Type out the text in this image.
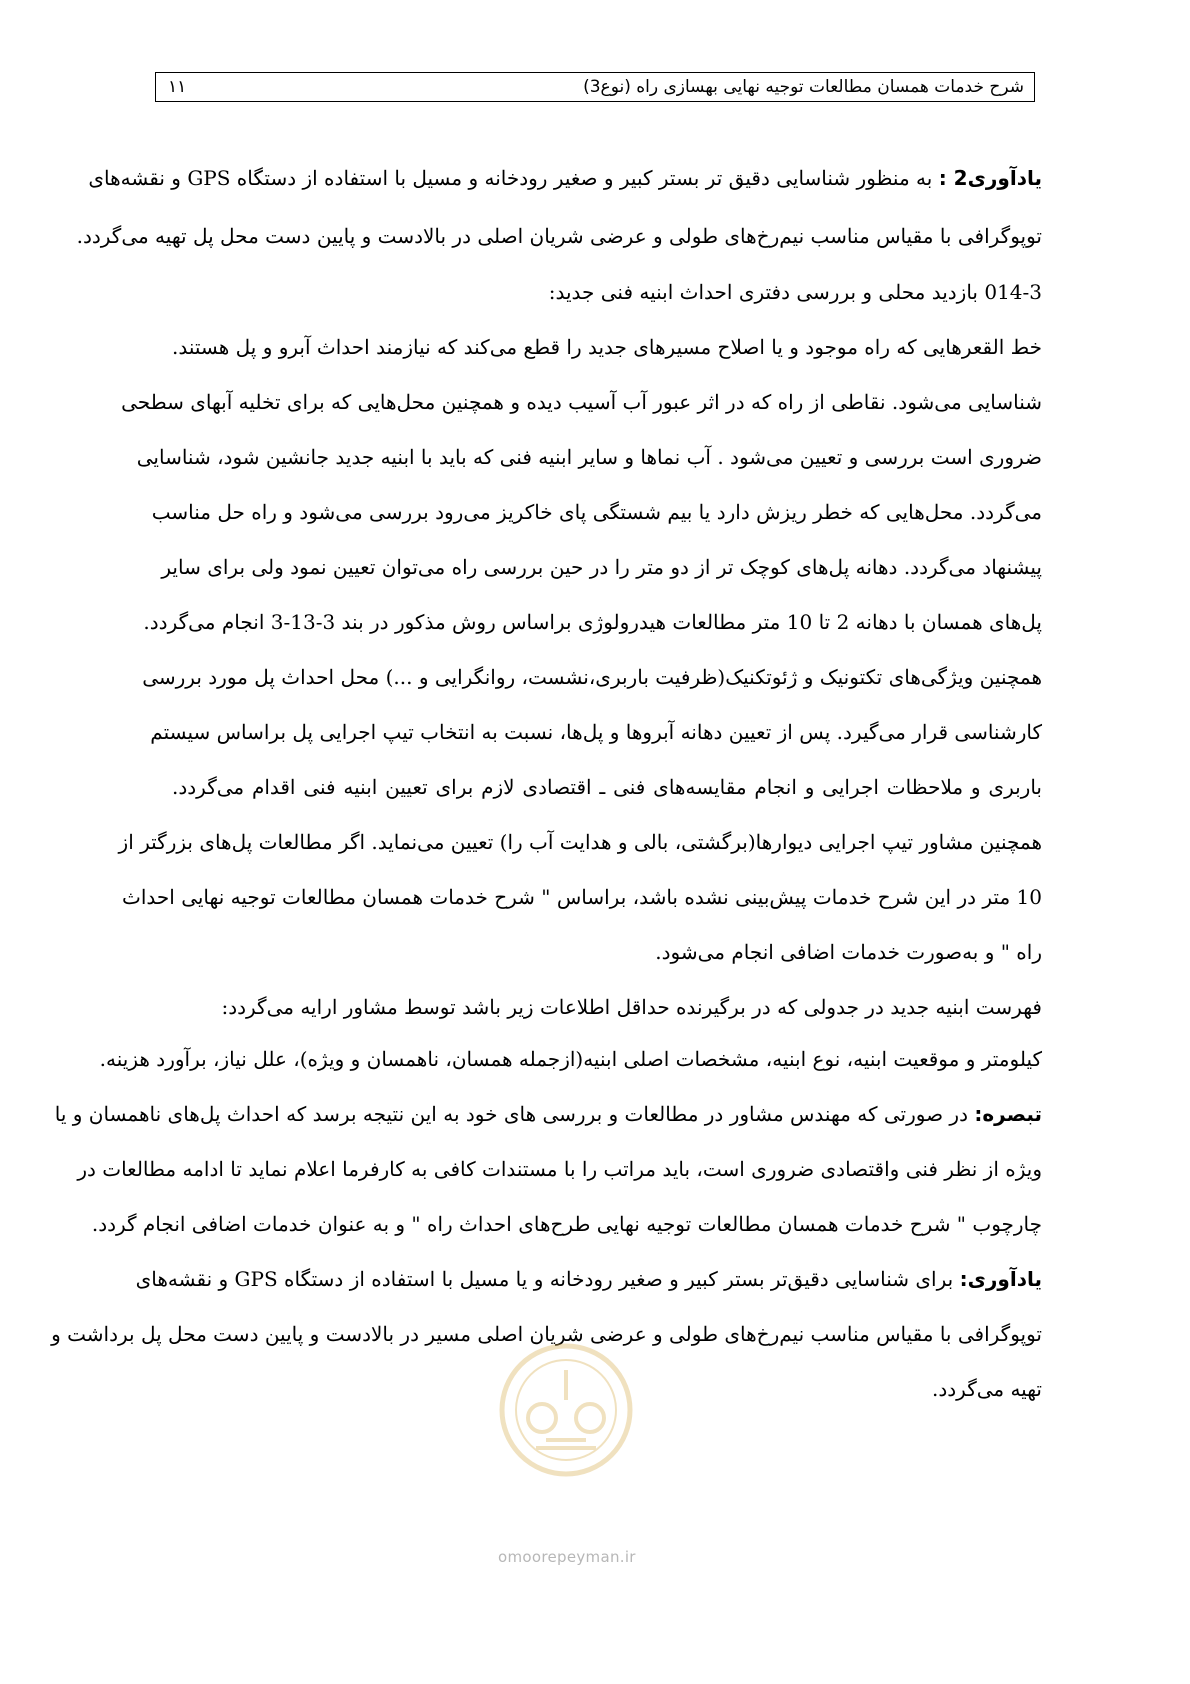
شرح خدمات همسان مطالعات توجیه نهایی بهسازی راه (نوع3)
۱۱
یادآوری2 : به منظور شناسایی دقیق تر بستر کبیر و صغیر رودخانه و مسیل با استفاده از دستگاه GPS و نقشه‌های
توپوگرافی با مقیاس مناسب نیم‌رخ‌های طولی و عرضی شریان اصلی در بالادست و پایین دست محل پل تهیه می‌گردد.
014-3 بازدید محلی و بررسی دفتری احداث ابنیه فنی جدید:
خط القعرهایی که راه موجود و یا اصلاح مسیرهای جدید را قطع می‌کند که نیازمند احداث آبرو و پل هستند.
شناسایی می‌شود. نقاطی از راه که در اثر عبور آب آسیب دیده و همچنین محل‌هایی که برای تخلیه آبهای سطحی
ضروری است بررسی و تعیین می‌شود . آب نماها و سایر ابنیه فنی که باید با ابنیه جدید جانشین شود، شناسایی
می‌گردد. محل‌هایی که خطر ریزش دارد یا بیم شستگی پای خاکریز می‌رود بررسی می‌شود و راه حل مناسب
پیشنهاد می‌گردد. دهانه پل‌های کوچک تر از دو متر را در حین بررسی راه می‌توان تعیین نمود ولی برای سایر
پل‌های همسان با دهانه 2 تا 10 متر مطالعات هیدرولوژی براساس روش مذکور در بند 3-13-3 انجام می‌گردد.
همچنین ویژگی‌های تکتونیک و ژئوتکنیک(ظرفیت باربری،نشست، روانگرایی و ...) محل احداث پل مورد بررسی
کارشناسی قرار می‌گیرد. پس از تعیین دهانه آبروها و پل‌ها، نسبت به انتخاب تیپ اجرایی پل براساس سیستم
باربری و ملاحظات اجرایی و انجام مقایسه‌های فنی ـ اقتصادی لازم برای تعیین ابنیه فنی اقدام می‌گردد.
همچنین مشاور تیپ اجرایی دیوارها(برگشتی، بالی و هدایت آب را) تعیین می‌نماید. اگر مطالعات پل‌های بزرگتر از
10 متر در این شرح خدمات پیش‌بینی نشده باشد، براساس " شرح خدمات همسان مطالعات توجیه نهایی احداث
راه " و به‌صورت خدمات اضافی انجام می‌شود.
فهرست ابنیه جدید در جدولی که در برگیرنده حداقل اطلاعات زیر باشد توسط مشاور ارایه می‌گردد:
کیلومتر و موقعیت ابنیه، نوع ابنیه، مشخصات اصلی ابنیه(ازجمله همسان، ناهمسان و ویژه)، علل نیاز، برآورد هزینه.
تبصره: در صورتی که مهندس مشاور در مطالعات و بررسی های خود به این نتیجه برسد که احداث پل‌های ناهمسان و یا
ویژه از نظر فنی واقتصادی ضروری است، باید مراتب را با مستندات کافی به کارفرما اعلام نماید تا ادامه مطالعات در
چارچوب " شرح خدمات همسان مطالعات توجیه نهایی طرح‌های احداث راه " و به عنوان خدمات اضافی انجام گردد.
یادآوری: برای شناسایی دقیق‌تر بستر کبیر و صغیر رودخانه و یا مسیل با استفاده از دستگاه GPS و نقشه‌های
توپوگرافی با مقیاس مناسب نیم‌رخ‌های طولی و عرضی شریان اصلی مسیر در بالادست و پایین دست محل پل برداشت و
تهیه می‌گردد.
omoorepeyman.ir
